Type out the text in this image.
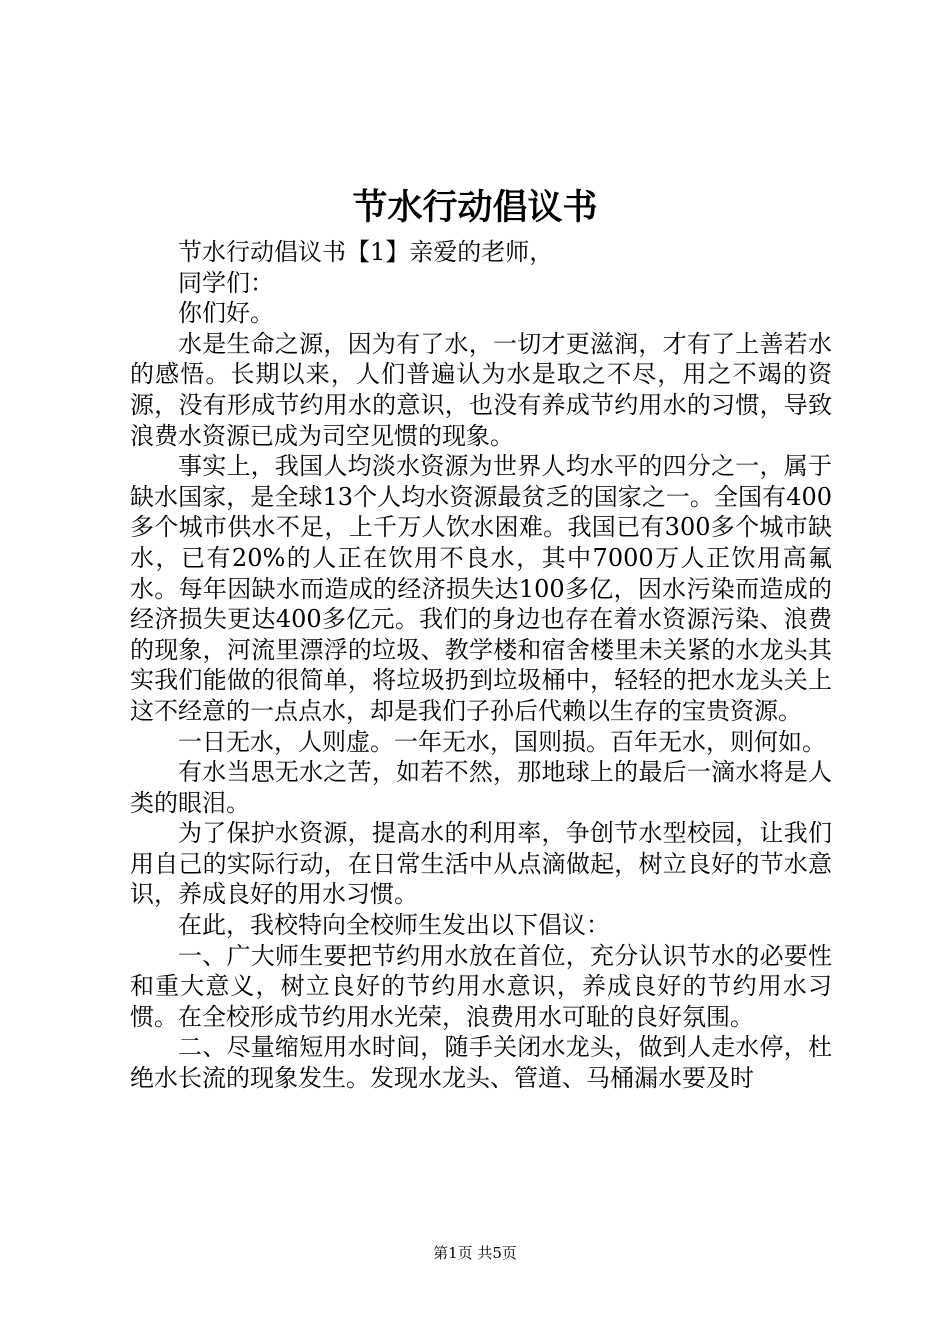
节水行动倡议书

节水行动倡议书【1】亲爱的老师，

同学们：

你们好。

水是生命之源，因为有了水，一切才更滋润，才有了上善若水的感悟。长期以来，人们普遍认为水是取之不尽，用之不竭的资源，没有形成节约用水的意识，也没有养成节约用水的习惯，导致浪费水资源已成为司空见惯的现象。

事实上，我国人均淡水资源为世界人均水平的四分之一，属于缺水国家，是全球13个人均水资源最贫乏的国家之一。全国有400多个城市供水不足，上千万人饮水困难。我国已有300多个城市缺水，已有20%的人正在饮用不良水，其中7000万人正饮用高氟水。每年因缺水而造成的经济损失达100多亿，因水污染而造成的经济损失更达400多亿元。我们的身边也存在着水资源污染、浪费的现象，河流里漂浮的垃圾、教学楼和宿舍楼里未关紧的水龙头其实我们能做的很简单，将垃圾扔到垃圾桶中，轻轻的把水龙头关上这不经意的一点点水，却是我们子孙后代赖以生存的宝贵资源。

一日无水，人则虚。一年无水，国则损。百年无水，则何如。

有水当思无水之苦，如若不然，那地球上的最后一滴水将是人类的眼泪。

为了保护水资源，提高水的利用率，争创节水型校园，让我们用自己的实际行动，在日常生活中从点滴做起，树立良好的节水意识，养成良好的用水习惯。

在此，我校特向全校师生发出以下倡议：

一、广大师生要把节约用水放在首位，充分认识节水的必要性和重大意义，树立良好的节约用水意识，养成良好的节约用水习惯。在全校形成节约用水光荣，浪费用水可耻的良好氛围。

二、尽量缩短用水时间，随手关闭水龙头，做到人走水停，杜绝水长流的现象发生。发现水龙头、管道、马桶漏水要及时

第1页 共5页
